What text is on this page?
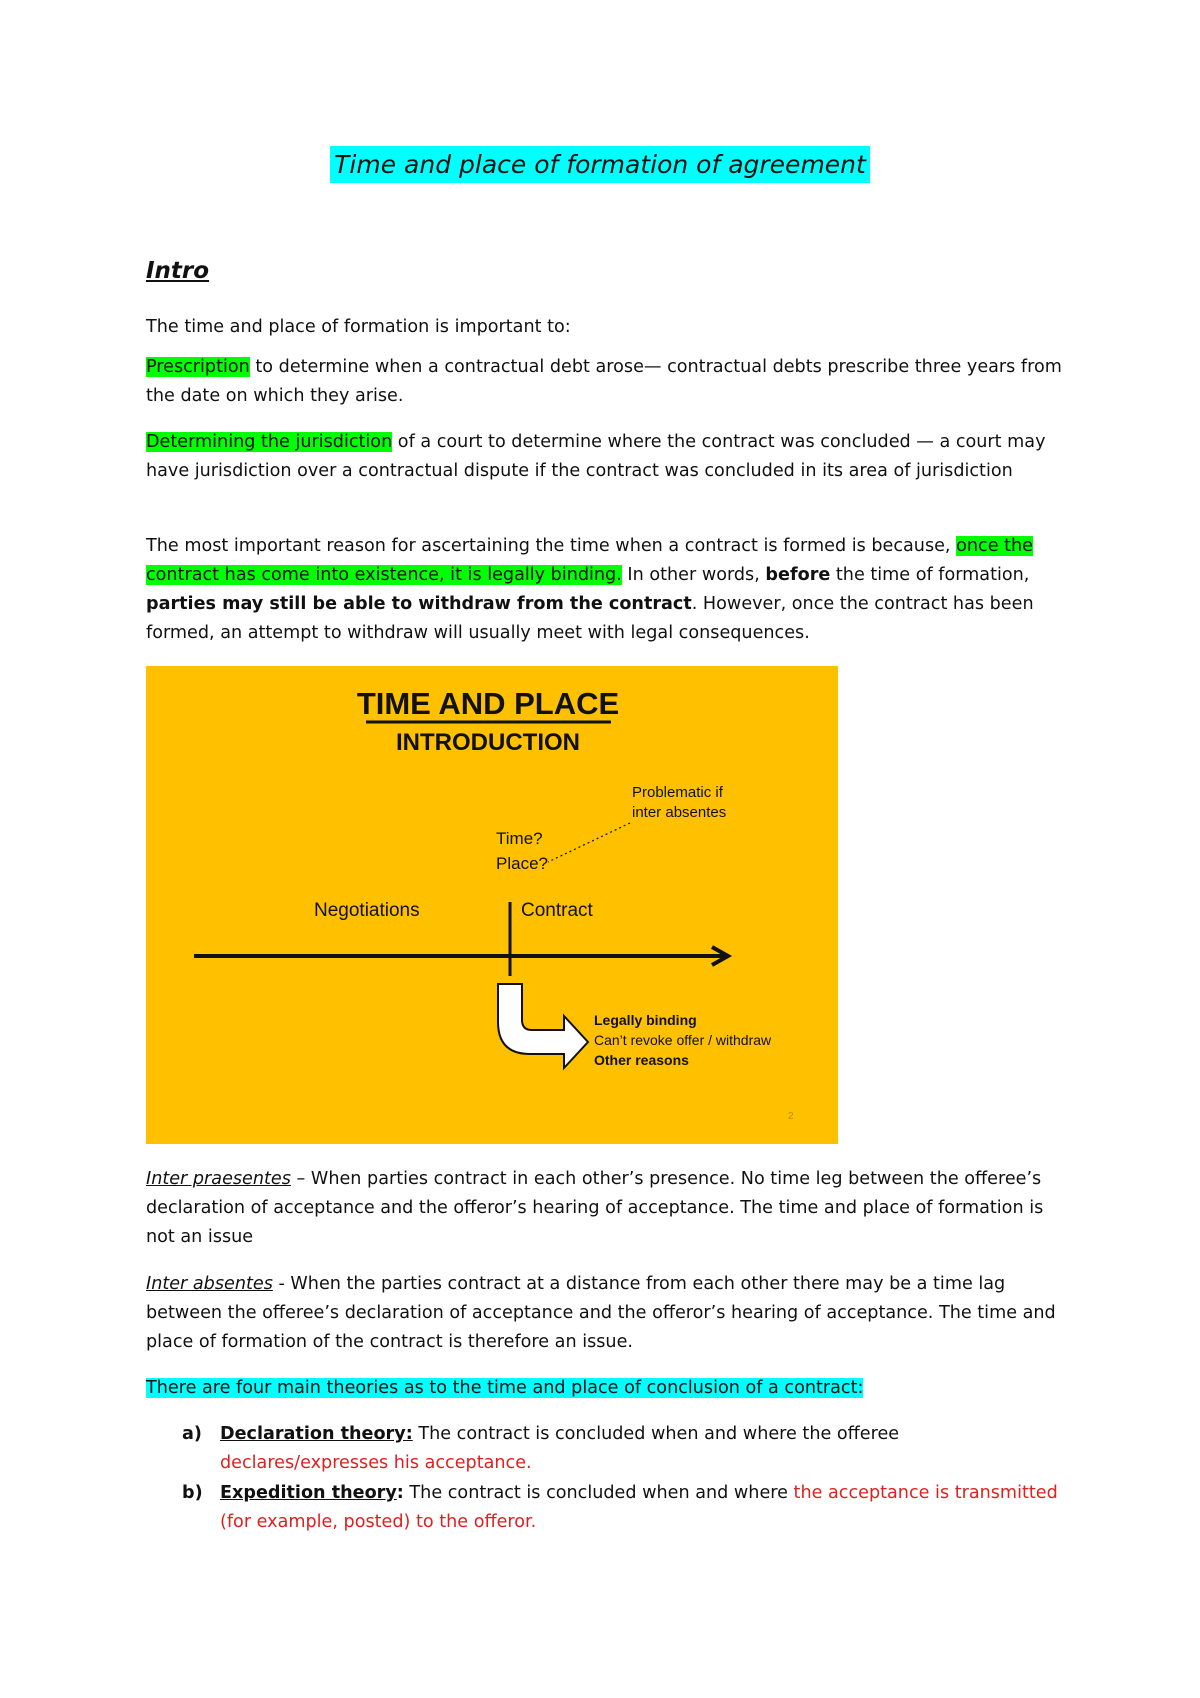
Time and place of formation of agreement
Intro
The time and place of formation is important to:
Prescription to determine when a contractual debt arose— contractual debts prescribe three years from the date on which they arise.
Determining the jurisdiction of a court to determine where the contract was concluded — a court may have jurisdiction over a contractual dispute if the contract was concluded in its area of jurisdiction
The most important reason for ascertaining the time when a contract is formed is because, once the contract has come into existence, it is legally binding. In other words, before the time of formation, parties may still be able to withdraw from the contract. However, once the contract has been formed, an attempt to withdraw will usually meet with legal consequences.
TIME AND PLACE
INTRODUCTION
Problematic if
inter absentes
Time?
Place?
Negotiations	Contract
Legally binding
Can’t revoke offer / withdraw
Other reasons
2
Inter praesentes – When parties contract in each other’s presence. No time leg between the offeree’s declaration of acceptance and the offeror’s hearing of acceptance. The time and place of formation is not an issue
Inter absentes - When the parties contract at a distance from each other there may be a time lag between the offeree’s declaration of acceptance and the offeror’s hearing of acceptance. The time and place of formation of the contract is therefore an issue.
There are four main theories as to the time and place of conclusion of a contract:
a) Declaration theory: The contract is concluded when and where the offeree declares/expresses his acceptance.
b) Expedition theory: The contract is concluded when and where the acceptance is transmitted (for example, posted) to the offeror.
